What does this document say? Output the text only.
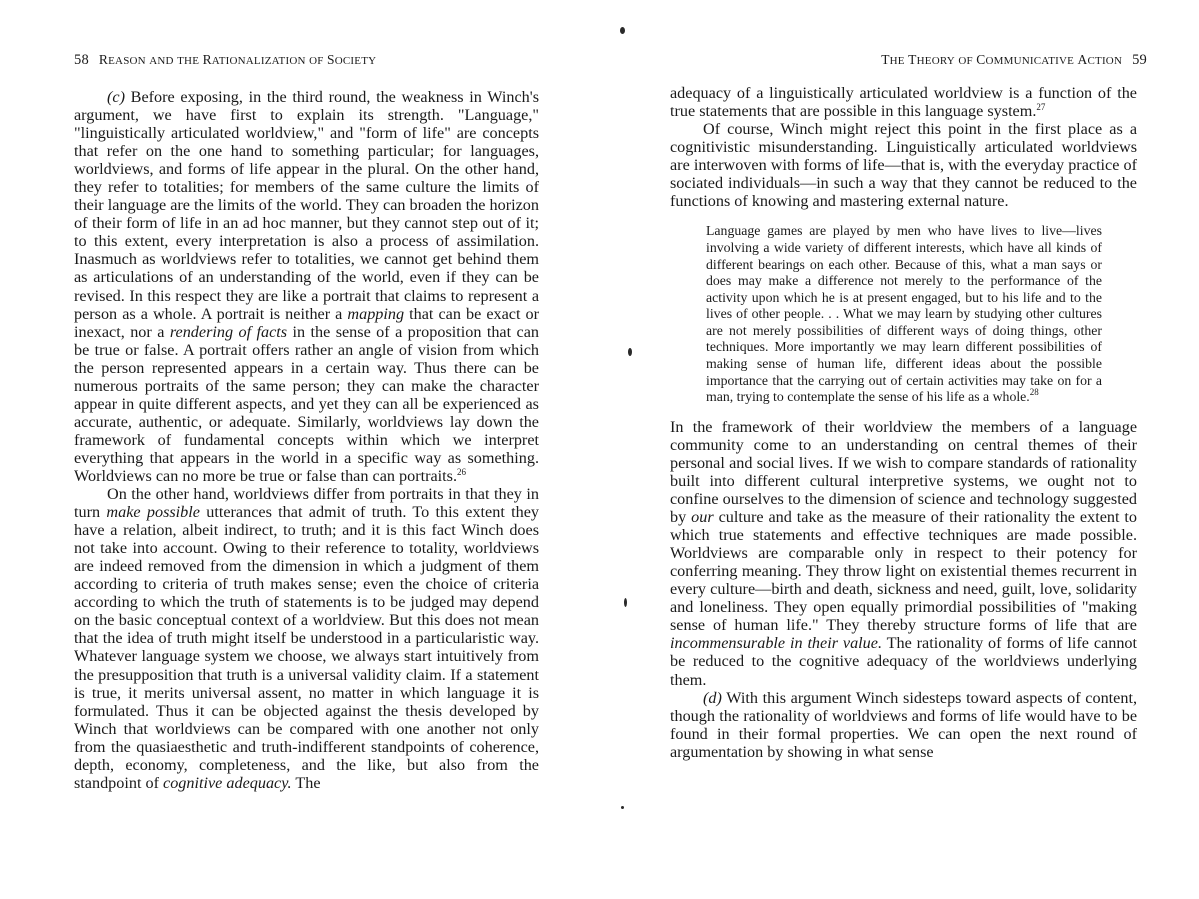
58 REASON AND THE RATIONALIZATION OF SOCIETY

(c) Before exposing, in the third round, the weakness in Winch's argument, we have first to explain its strength. "Language," "linguistically articulated worldview," and "form of life" are concepts that refer on the one hand to something particular; for languages, worldviews, and forms of life appear in the plural. On the other hand, they refer to totalities; for members of the same culture the limits of their language are the limits of the world. They can broaden the horizon of their form of life in an ad hoc manner, but they cannot step out of it; to this extent, every interpretation is also a process of assimilation. Inasmuch as worldviews refer to totalities, we cannot get behind them as articulations of an understanding of the world, even if they can be revised. In this respect they are like a portrait that claims to represent a person as a whole. A portrait is neither a mapping that can be exact or inexact, nor a rendering of facts in the sense of a proposition that can be true or false. A portrait offers rather an angle of vision from which the person represented appears in a certain way. Thus there can be numerous portraits of the same person; they can make the character appear in quite different aspects, and yet they can all be experienced as accurate, authentic, or adequate. Similarly, worldviews lay down the framework of fundamental concepts within which we interpret everything that appears in the world in a specific way as something. Worldviews can no more be true or false than can portraits.$^{26}$

On the other hand, worldviews differ from portraits in that they in turn make possible utterances that admit of truth. To this extent they have a relation, albeit indirect, to truth; and it is this fact Winch does not take into account. Owing to their reference to totality, worldviews are indeed removed from the dimension in which a judgment of them according to criteria of truth makes sense; even the choice of criteria according to which the truth of statements is to be judged may depend on the basic conceptual context of a worldview. But this does not mean that the idea of truth might itself be understood in a particularistic way. Whatever language system we choose, we always start intuitively from the presupposition that truth is a universal validity claim. If a statement is true, it merits universal assent, no matter in which language it is formulated. Thus it can be objected against the thesis developed by Winch that worldviews can be compared with one another not only from the quasiaesthetic and truth-indifferent standpoints of coherence, depth, economy, completeness, and the like, but also from the standpoint of cognitive adequacy. The

THE THEORY OF COMMUNICATIVE ACTION 59

adequacy of a linguistically articulated worldview is a function of the true statements that are possible in this language system.$^{27}$

Of course, Winch might reject this point in the first place as a cognitivistic misunderstanding. Linguistically articulated worldviews are interwoven with forms of life—that is, with the everyday practice of sociated individuals—in such a way that they cannot be reduced to the functions of knowing and mastering external nature.

Language games are played by men who have lives to live—lives involving a wide variety of different interests, which have all kinds of different bearings on each other. Because of this, what a man says or does may make a difference not merely to the performance of the activity upon which he is at present engaged, but to his life and to the lives of other people. . . What we may learn by studying other cultures are not merely possibilities of different ways of doing things, other techniques. More importantly we may learn different possibilities of making sense of human life, different ideas about the possible importance that the carrying out of certain activities may take on for a man, trying to contemplate the sense of his life as a whole.$^{28}$

In the framework of their worldview the members of a language community come to an understanding on central themes of their personal and social lives. If we wish to compare standards of rationality built into different cultural interpretive systems, we ought not to confine ourselves to the dimension of science and technology suggested by our culture and take as the measure of their rationality the extent to which true statements and effective techniques are made possible. Worldviews are comparable only in respect to their potency for conferring meaning. They throw light on existential themes recurrent in every culture—birth and death, sickness and need, guilt, love, solidarity and loneliness. They open equally primordial possibilities of "making sense of human life." They thereby structure forms of life that are incommensurable in their value. The rationality of forms of life cannot be reduced to the cognitive adequacy of the worldviews underlying them.

(d) With this argument Winch sidesteps toward aspects of content, though the rationality of worldviews and forms of life would have to be found in their formal properties. We can open the next round of argumentation by showing in what sense
